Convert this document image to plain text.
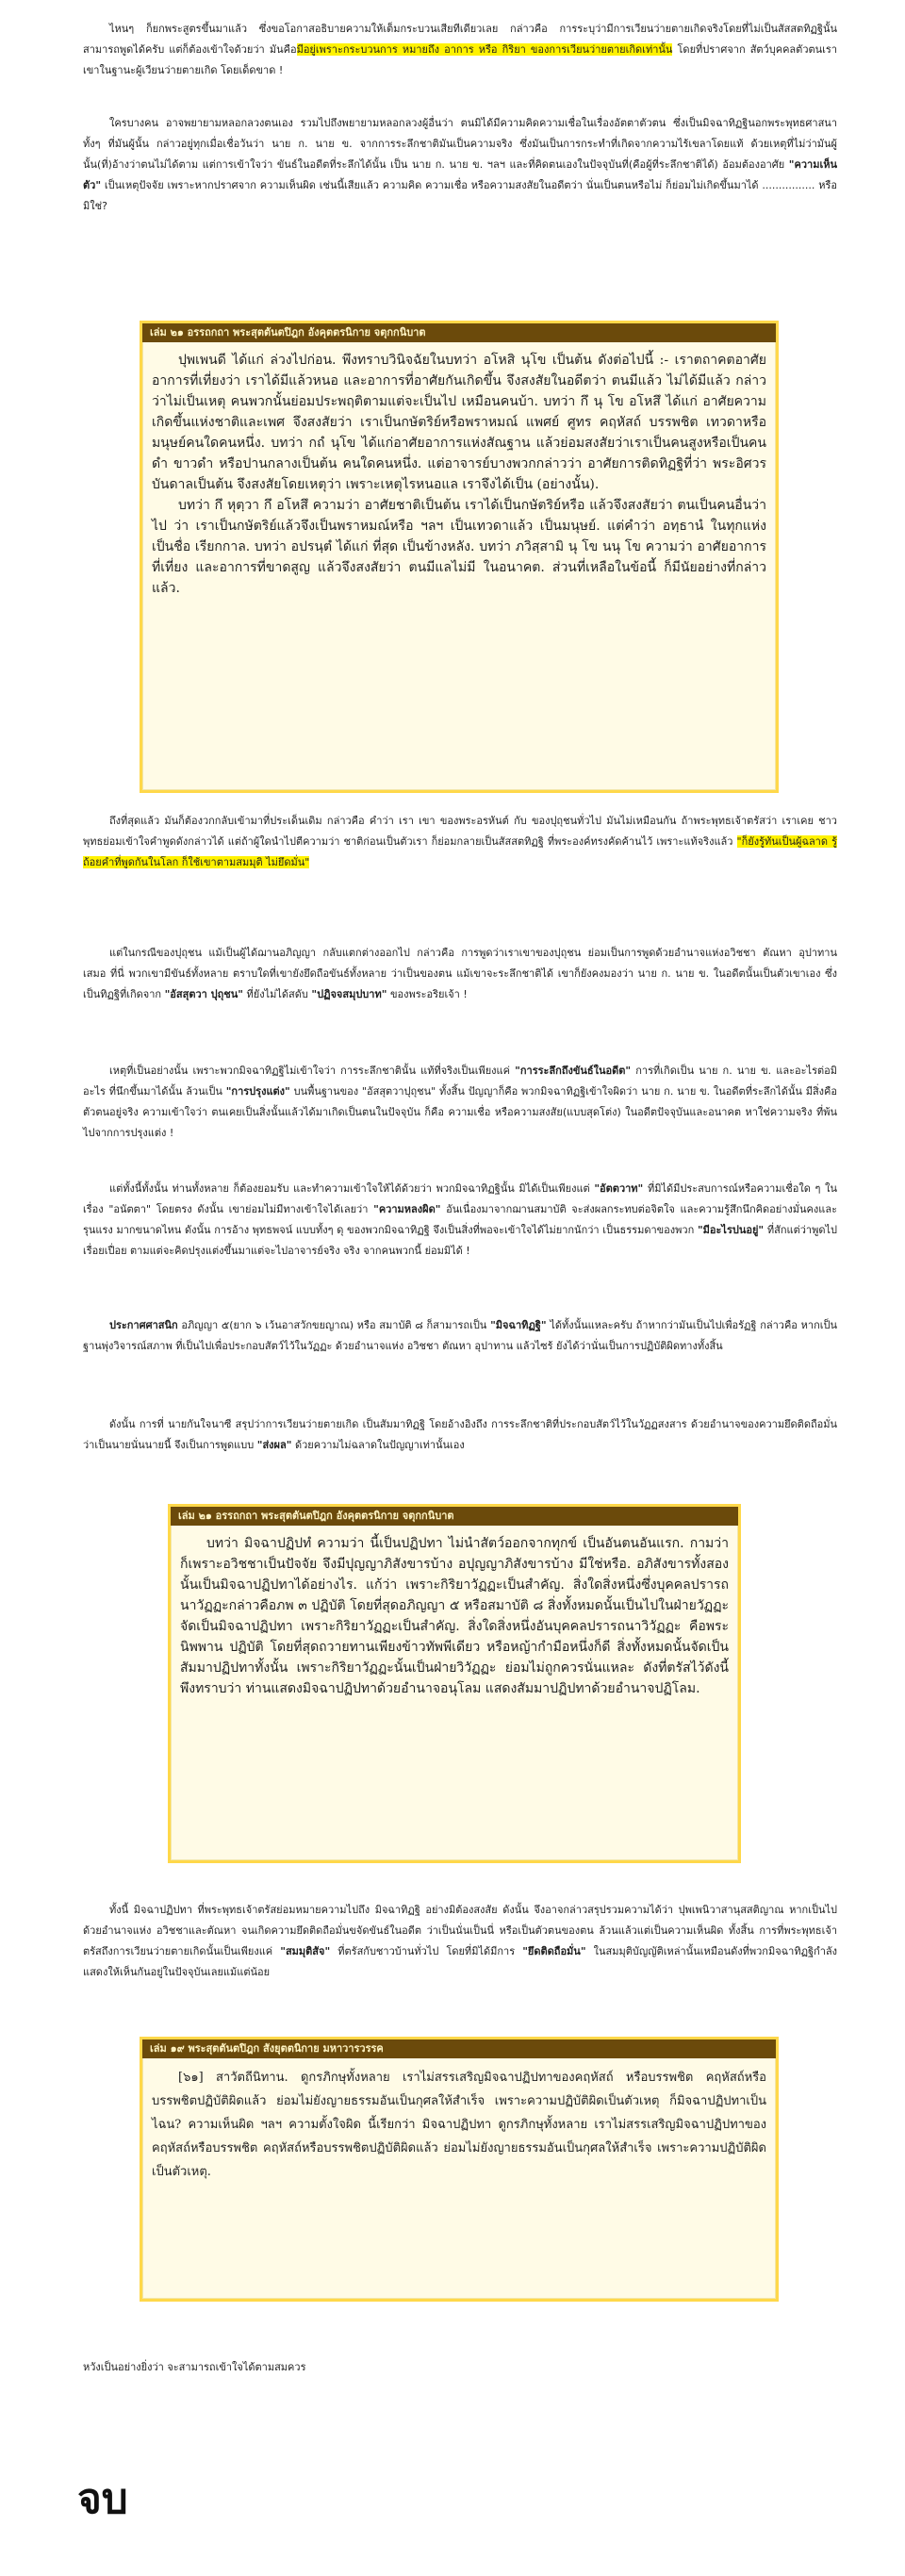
ไหนๆ ก็ยกพระสูตรขึ้นมาแล้ว ซึ่งขอโอกาสอธิบายความให้เต็มกระบวนเสียทีเดียวเลย กล่าวคือ การระบุว่ามีการเวียนว่ายตายเกิดจริงโดยที่ไม่เป็นสัสสตทิฏฐินั้น สามารถพูดได้ครับ แต่ก็ต้องเข้าใจด้วยว่า มันคือมีอยู่เพราะกระบวนการ หมายถึง อาการ หรือ กิริยา ของการเวียนว่ายตายเกิดเท่านั้น โดยที่ปราศจาก สัตว์บุคคลตัวตนเราเขาในฐานะผู้เวียนว่ายตายเกิด โดยเด็ดขาด !

ใครบางคน อาจพยายามหลอกลวงตนเอง รวมไปถึงพยายามหลอกลวงผู้อื่นว่า ตนมิได้มีความคิดความเชื่อในเรื่องอัตตาตัวตน ซึ่งเป็นมิจฉาทิฏฐินอกพระพุทธศาสนาทั้งๆ ที่มันผู้นั้น กล่าวอยู่ทุกเมื่อเชื่อวันว่า นาย ก. นาย ข. จากการระลึกชาติมันเป็นความจริง ซึ่งมันเป็นการกระทำที่เกิดจากความไร้เขลาโดยแท้ ด้วยเหตุที่ไม่ว่ามันผู้นั้น(ที่)อ้างว่าตนไม่ได้ตาม แต่การเข้าใจว่า ขันธ์ในอดีตที่ระลึกได้นั้น เป็น นาย ก. นาย ข. ฯลฯ และที่คิดตนเองในปัจจุบันที่(คือผู้ที่ระลึกชาติได้) อ้อมต้องอาศัย "ความเห็นตัว" เป็นเหตุปัจจัย เพราะหากปราศจาก ความเห็นผิด เช่นนี้เสียแล้ว ความคิด ความเชื่อ หรือความสงสัยในอดีตว่า นั่นเป็นตนหรือไม่ ก็ย่อมไม่เกิดขึ้นมาได้ ................ หรือมิใช่?

ถึงที่สุดแล้ว มันก็ต้องวกกลับเข้ามาที่ประเด็นเดิม กล่าวคือ คำว่า เรา เขา ของพระอรหันต์ กับ ของปุถุชนทั่วไป มันไม่เหมือนกัน ถ้าพระพุทธเจ้าตรัสว่า เราเคย ชาวพุทธย่อมเข้าใจคำพูดดังกล่าวได้ แต่ถ้าผู้ใดนำไปตีความว่า ชาติก่อนเป็นตัวเรา ก็ย่อมกลายเป็นสัสสตทิฏฐิ ที่พระองค์ทรงคัดค้านไว้ เพราะแท้จริงแล้ว "ก็ยังรู้ทันเป็นผู้ฉลาด รู้ถ้อยคำที่พูดกันในโลก ก็ใช้เขาตามสมมุติ ไม่ยึดมั่น"

แต่ในกรณีของปุถุชน แม้เป็นผู้ได้ฌานอภิญญา กลับแตกต่างออกไป กล่าวคือ การพูดว่าเราเขาของปุถุชน ย่อมเป็นการพูดด้วยอำนาจแห่งอวิชชา ตัณหา อุปาทาน เสมอ ที่นี่ พวกเขามีขันธ์ทั้งหลาย ตราบใดที่เขายังยึดถือขันธ์ทั้งหลาย ว่าเป็นของตน แม้เขาจะระลึกชาติได้ เขาก็ยังคงมองว่า นาย ก. นาย ข. ในอดีตนั้นเป็นตัวเขาเอง ซึ่งเป็นทิฏฐิที่เกิดจาก "อัสสุตวา ปุถุชน" ที่ยังไม่ได้สดับ "ปฏิจจสมุปบาท" ของพระอริยเจ้า !

เหตุที่เป็นอย่างนั้น เพราะพวกมิจฉาทิฏฐิไม่เข้าใจว่า การระลึกชาตินั้น แท้ที่จริงเป็นเพียงแค่ "การระลึกถึงขันธ์ในอดีต" การที่เกิดเป็น นาย ก. นาย ข. และอะไรต่อมิอะไร ที่นึกขึ้นมาได้นั้น ล้วนเป็น "การปรุงแต่ง" บนพื้นฐานของ "อัสสุตวาปุถุชน" ทั้งสิ้น ปัญญาก็คือ พวกมิจฉาทิฏฐิเข้าใจผิดว่า นาย ก. นาย ข. ในอดีตที่ระลึกได้นั้น มีสิ่งคือตัวตนอยู่จริง ความเข้าใจว่า ตนเคยเป็นสิ่งนั้นแล้วได้มาเกิดเป็นตนในปัจจุบัน ก็คือ ความเชื่อ หรือความสงสัย(แบบสุดโต่ง) ในอดีตปัจจุบันและอนาคต หาใช่ความจริง ที่พ้นไปจากการปรุงแต่ง !

แต่ทั้งนี้ทั้งนั้น ท่านทั้งหลาย ก็ต้องยอมรับ และทำความเข้าใจให้ได้ด้วยว่า พวกมิจฉาทิฏฐินั้น มิได้เป็นเพียงแต่ "อัตตวาท" ที่มิได้มีประสบการณ์หรือความเชื่อใด ๆ ในเรื่อง "อนัตตา" โดยตรง ดังนั้น เขาย่อมไม่มีทางเข้าใจได้เลยว่า "ความหลงผิด" อันเนื่องมาจากฌานสมาบัติ จะส่งผลกระทบต่อจิตใจ และความรู้สึกนึกคิดอย่างมั่นคงและรุนแรง มากขนาดไหน ดังนั้น การอ้าง พุทธพจน์ แบบทั้งๆ ดุ ของพวกมิจฉาทิฏฐิ จึงเป็นสิ่งที่พอจะเข้าใจได้ไม่ยากนักว่า เป็นธรรมดาของพวก "มีอะไรปนอยู่" ที่สักแต่ว่าพูดไปเรื่อยเปื่อย ตามแต่จะคิดปรุงแต่งขึ้นมาแต่จะไปอาจารย์จริง จริง จากคนพวกนี้ ย่อมมิได้ !

ประกาศศาสนิก อภิญญา ๕(ยาก ๖ เว้นอาสวักขยญาณ) หรือ สมาบัติ ๘ ก็สามารถเป็น "มิจฉาทิฏฐิ" ได้ทั้งนั้นแหละครับ ถ้าหากว่ามันเป็นไปเพื่อรัฏฐิ กล่าวคือ หากเป็น ฐานพุ่งวิจารณ์สภาพ ที่เป็นไปเพื่อประกอบสัตว์ไว้ในวัฏฏะ ด้วยอำนาจแห่ง อวิชชา ตัณหา อุปาทาน แล้วไซร้ ยังได้ว่านั่นเป็นการปฏิบัติผิดทางทั้งสิ้น

ดังนั้น การที่ นายกันใจนาซี สรุปว่าการเวียนว่ายตายเกิด เป็นสัมมาทิฏฐิ โดยอ้างอิงถึง การระลึกชาติที่ประกอบสัตว์ไว้ในวัฏฏสงสาร ด้วยอำนาจของความยึดติดถือมั่นว่าเป็นนายนั่นนายนี้ จึงเป็นการพูดแบบ "ส่งผล" ด้วยความไม่ฉลาดในปัญญาเท่านั้นเอง

ทั้งนี้ มิจฉาปฏิปทา ที่พระพุทธเจ้าตรัสย่อมหมายความไปถึง มิจฉาทิฏฐิ อย่างมิต้องสงสัย ดังนั้น จึงอาจกล่าวสรุปรวมความได้ว่า ปุพเพนิวาสานุสสติญาณ หากเป็นไปด้วยอำนาจแห่ง อวิชชาและตัณหา จนเกิดความยึดติดถือมั่นขจัดขันธ์ในอดีต ว่าเป็นนั่นเป็นนี่ หรือเป็นตัวตนของตน ล้วนแล้วแต่เป็นความเห็นผิด ทั้งสิ้น การที่พระพุทธเจ้าตรัสถึงการเวียนว่ายตายเกิดนั้นเป็นเพียงแค่ "สมมุติสัจ" ที่ตรัสกับชาวบ้านทั่วไป โดยที่มิได้มีการ "ยึดติดถือมั่น" ในสมมุติบัญญัติเหล่านั้นเหมือนดังที่พวกมิจฉาทิฏฐิกำลังแสดงให้เห็นกันอยู่ในปัจจุบันเลยแม้แต่น้อย

หวังเป็นอย่างยิ่งว่า จะสามารถเข้าใจได้ตามสมควร

เล่ม ๒๑ อรรถกถา พระสุตตันตปิฎก อังคุตตรนิกาย จตุกกนิบาต

ปุพเพนดี ได้แก่ ล่วงไปก่อน. พึงทราบวินิจฉัยในบทว่า อโหสิ นุโข เป็นต้น ดังต่อไปนี้ :- เราตถาคตอาศัยอาการที่เที่ยงว่า เราได้มีแล้วหนอ และอาการที่อาศัยกันเกิดขึ้น จึงสงสัยในอดีตว่า ตนมีแล้ว ไม่ได้มีแล้ว กล่าวว่าไม่เป็นเหตุ คนพวกนั้นย่อมประพฤติตามแต่จะเป็นไป เหมือนคนบ้า. บทว่า กึ นุ โข อโหสึ ได้แก่ อาศัยความเกิดขึ้นแห่งชาติและเพศ จึงสงสัยว่า เราเป็นกษัตริย์หรือพราหมณ์ แพศย์ ศูทร คฤหัสถ์ บรรพชิต เทวดาหรือมนุษย์คนใดคนหนึ่ง. บทว่า กถํ นุโข ได้แก่อาศัยอาการแห่งสัณฐาน แล้วย่อมสงสัยว่าเราเป็นคนสูงหรือเป็นคนดำ ขาวดำ หรือปานกลางเป็นต้น คนใดคนหนึ่ง. แต่อาจารย์บางพวกกล่าวว่า อาศัยการติดทิฏฐิที่ว่า พระอิศวรบันดาลเป็นต้น จึงสงสัยโดยเหตุว่า เพราะเหตุไรหนอแล เราจึงได้เป็น (อย่างนั้น).

บทว่า กึ หุตฺวา กึ อโหสึ ความว่า อาศัยชาติเป็นต้น เราได้เป็นกษัตริย์หรือ แล้วจึงสงสัยว่า ตนเป็นคนอื่นว่าไป ว่า เราเป็นกษัตริย์แล้วจึงเป็นพราหมณ์หรือ ฯลฯ เป็นเทวดาแล้ว เป็นมนุษย์. แต่คำว่า อทฺธานํ ในทุกแห่ง เป็นชื่อ เรียกกาล. บทว่า อปรนฺตํ ได้แก่ ที่สุด เป็นข้างหลัง. บทว่า ภวิสฺสามิ นุ โข นนุ โข ความว่า อาศัยอาการที่เที่ยง และอาการที่ขาดสูญ แล้วจึงสงสัยว่า ตนมีแลไม่มี ในอนาคต. ส่วนที่เหลือในข้อนี้ ก็มีนัยอย่างที่กล่าวแล้ว.

เล่ม ๒๑ อรรถกถา พระสุตตันตปิฎก อังคุตตรนิกาย จตุกกนิบาต

บทว่า มิจฉาปฏิปทํ ความว่า นี้เป็นปฏิปทา ไม่นำสัตว์ออกจากทุกข์ เป็นอันตนอันแรก. กามว่า ก็เพราะอวิชชาเป็นปัจจัย จึงมีปุญญาภิสังขารบ้าง อปุญญาภิสังขารบ้าง มีใช่หรือ. อภิสังขารทั้งสองนั้นเป็นมิจฉาปฏิปทาได้อย่างไร. แก้ว่า เพราะกิริยาวัฏฏะเป็นสำคัญ. สิ่งใดสิ่งหนึ่งซึ่งบุคคลปรารถนาวัฏฏะกล่าวคือภพ ๓ ปฏิบัติ โดยที่สุดอภิญญา ๕ หรือสมาบัติ ๘ สิ่งทั้งหมดนั้นเป็นไปในฝ่ายวัฏฏะ จัดเป็นมิจฉาปฏิปทา เพราะกิริยาวัฏฏะเป็นสำคัญ. สิ่งใดสิ่งหนึ่งอันบุคคลปรารถนาวิวัฏฏะ คือพระนิพพาน ปฏิบัติ โดยที่สุดถวายทานเพียงข้าวทัพพีเดียว หรือหญ้ากำมือหนึ่งก็ดี สิ่งทั้งหมดนั้นจัดเป็นสัมมาปฏิปทาทั้งนั้น เพราะกิริยาวัฏฏะนั้นเป็นฝ่ายวิวัฏฏะ ย่อมไม่ถูกควรนั่นแหละ ดังที่ตรัสไว้ดังนี้ พึงทราบว่า ท่านแสดงมิจฉาปฏิปทาด้วยอำนาจอนุโลม แสดงสัมมาปฏิปทาด้วยอำนาจปฏิโลม.

เล่ม ๑๙ พระสุตตันตปิฎก สังยุตตนิกาย มหาวารวรรค

[๖๑] สาวัตถีนิทาน. ดูกรภิกษุทั้งหลาย เราไม่สรรเสริญมิจฉาปฏิปทาของคฤหัสถ์ หรือบรรพชิต คฤหัสถ์หรือบรรพชิตปฏิบัติผิดแล้ว ย่อมไม่ยังญายธรรมอันเป็นกุศลให้สำเร็จ เพราะความปฏิบัติผิดเป็นตัวเหตุ ก็มิจฉาปฏิปทาเป็นไฉน? ความเห็นผิด ฯลฯ ความตั้งใจผิด นี้เรียกว่า มิจฉาปฏิปทา ดูกรภิกษุทั้งหลาย เราไม่สรรเสริญมิจฉาปฏิปทาของคฤหัสถ์หรือบรรพชิต คฤหัสถ์หรือบรรพชิตปฏิบัติผิดแล้ว ย่อมไม่ยังญายธรรมอันเป็นกุศลให้สำเร็จ เพราะความปฏิบัติผิดเป็นตัวเหตุ.

จบ
